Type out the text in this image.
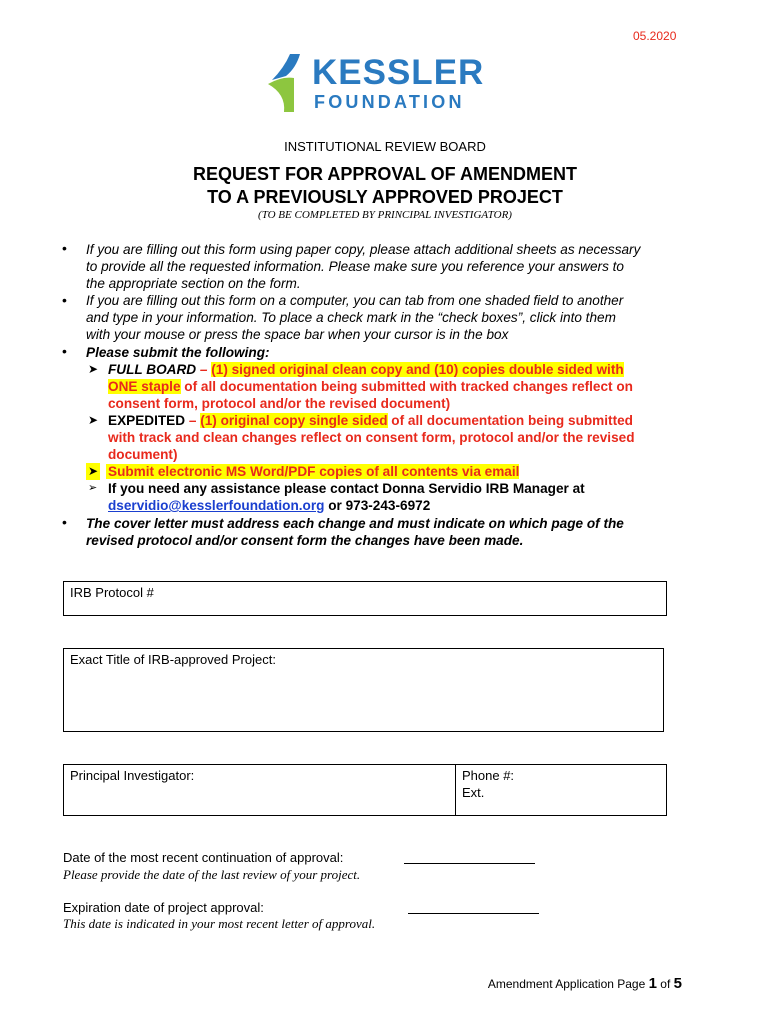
05.2020
KESSLER
FOUNDATION
INSTITUTIONAL REVIEW BOARD
REQUEST FOR APPROVAL OF AMENDMENT
TO A PREVIOUSLY APPROVED PROJECT
(TO BE COMPLETED BY PRINCIPAL INVESTIGATOR)
• If you are filling out this form using paper copy, please attach additional sheets as necessary
to provide all the requested information. Please make sure you reference your answers to
the appropriate section on the form.
• If you are filling out this form on a computer, you can tab from one shaded field to another
and type in your information. To place a check mark in the “check boxes”, click into them
with your mouse or press the space bar when your cursor is in the box
• Please submit the following:
➤ FULL BOARD – (1) signed original clean copy and (10) copies double sided with
ONE staple of all documentation being submitted with tracked changes reflect on
consent form, protocol and/or the revised document)
➤ EXPEDITED – (1) original copy single sided of all documentation being submitted
with track and clean changes reflect on consent form, protocol and/or the revised
document)
➤ Submit electronic MS Word/PDF copies of all contents via email
➢ If you need any assistance please contact Donna Servidio IRB Manager at
dservidio@kesslerfoundation.org or 973-243-6972
• The cover letter must address each change and must indicate on which page of the
revised protocol and/or consent form the changes have been made.
IRB Protocol #
Exact Title of IRB-approved Project:
Principal Investigator:	Phone #:
Ext.
Date of the most recent continuation of approval:
Please provide the date of the last review of your project.
Expiration date of project approval:
This date is indicated in your most recent letter of approval.
Amendment Application Page 1 of 5
